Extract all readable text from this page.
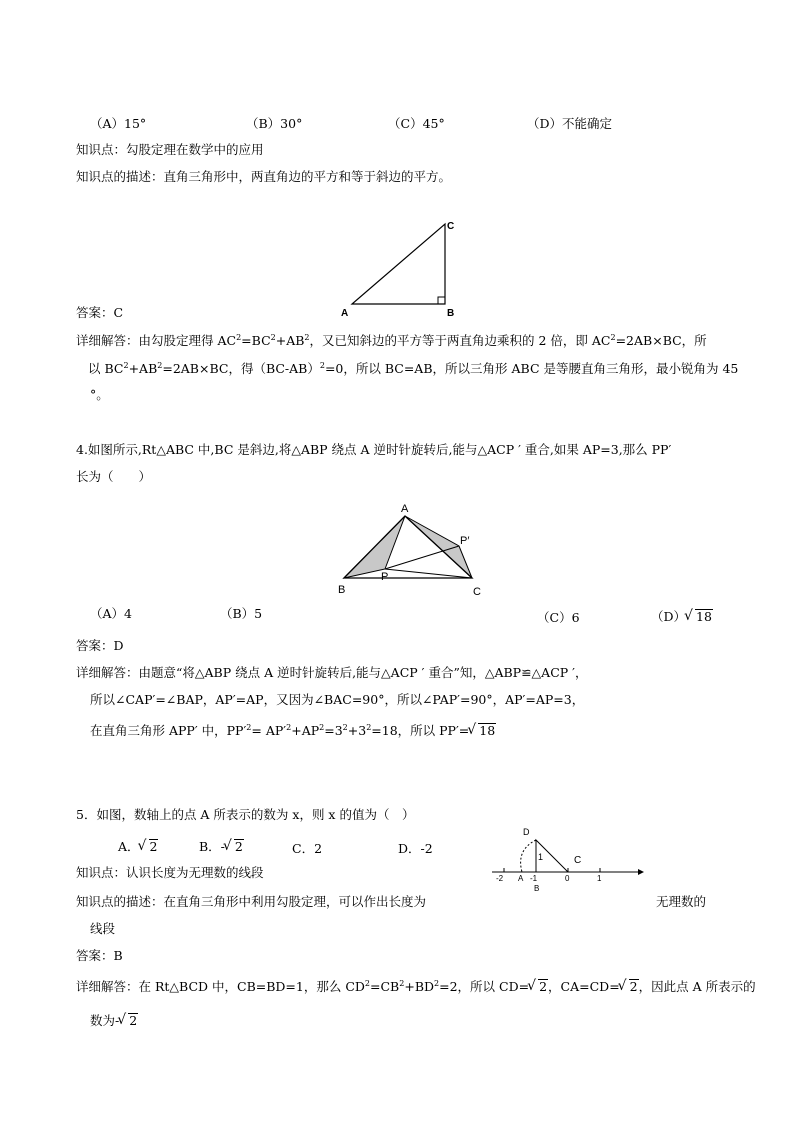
（A）15°	（B）30°	（C）45°	（D）不能确定
知识点：勾股定理在数学中的应用
知识点的描述：直角三角形中，两直角边的平方和等于斜边的平方。
A	B
C
答案：C
详细解答：由勾股定理得 $AC^2=BC^2+AB^2$，又已知斜边的平方等于两直角边乘积的 2 倍，即 $AC^2=2AB\times BC$，所
以 $BC^2+AB^2=2AB\times BC$，得$(BC-AB)^2=0$，所以 BC=AB，所以三角形 ABC 是等腰直角三角形，最小锐角为 45
°。
4.如图所示,Rt△ABC 中,BC 是斜边,将△ABP 绕点 A 逆时针旋转后,能与△ACP ′ 重合,如果 AP=3,那么 PP′
长为（　　）
A
B	C
P
P′
（A）4	（B）5	（C）6	（D） √ 18
答案：D
详细解答：由题意“将△ABP 绕点 A 逆时针旋转后,能与△ACP ′ 重合”知，△ABP≌△ACP ′，
所以∠CAP′=∠BAP，AP′=AP，又因为∠BAC=90°，所以∠PAP′=90°，AP′=AP=3，
在直角三角形 APP′ 中，$PP'^2= AP'^2+AP^2=3^2+3^2=18$，所以 PP′= √ 18
5．如图，数轴上的点 A 所表示的数为 x，则 x 的值为（　）
A． √ 2	B．- √ 2	C．2	D．-2
D
1	C
-2 A -1
B
0	1
知识点：认识长度为无理数的线段
知识点的描述：在直角三角形中利用勾股定理，可以作出长度为	无理数的
线段
答案：B
详细解答：在 Rt△BCD 中，CB=BD=1，那么 $CD^2=CB^2+BD^2=2$，所以 CD= √ 2，CA=CD= √ 2，因此点 A 所表示的
数为- √ 2
